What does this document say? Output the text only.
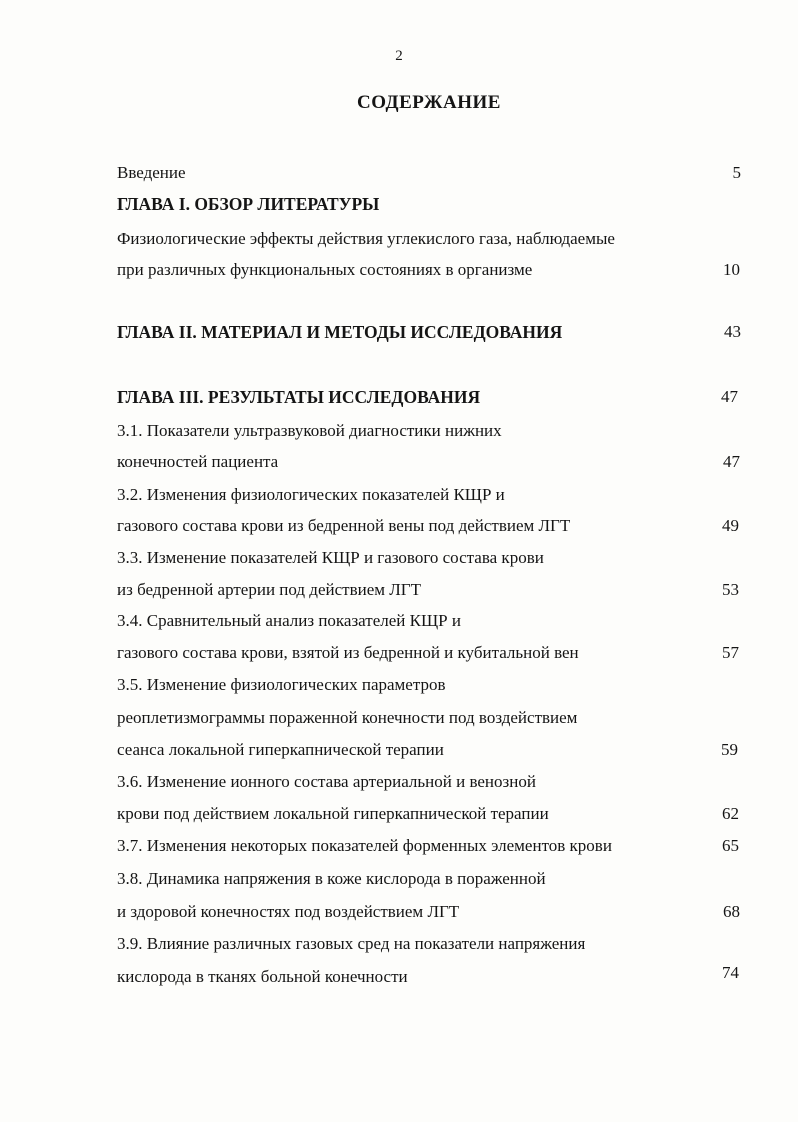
2
СОДЕРЖАНИЕ
Введение	5
ГЛАВА I. ОБЗОР ЛИТЕРАТУРЫ
Физиологические эффекты действия углекислого газа, наблюдаемые
при различных функциональных состояниях в организме	10
ГЛАВА II. МАТЕРИАЛ И МЕТОДЫ ИССЛЕДОВАНИЯ	43
ГЛАВА III. РЕЗУЛЬТАТЫ ИССЛЕДОВАНИЯ	47
3.1. Показатели ультразвуковой диагностики нижних
конечностей пациента	47
3.2. Изменения физиологических показателей КЩР и
газового состава крови из бедренной вены под действием ЛГТ	49
3.3. Изменение показателей КЩР и газового состава крови
из бедренной артерии под действием ЛГТ	53
3.4. Сравнительный анализ показателей КЩР и
газового состава крови, взятой из бедренной и кубитальной вен	57
3.5. Изменение физиологических параметров
реоплетизмограммы пораженной конечности под воздействием
сеанса локальной гиперкапнической терапии	59
3.6. Изменение ионного состава артериальной и венозной
крови под действием локальной гиперкапнической терапии	62
3.7. Изменения некоторых показателей форменных элементов крови	65
3.8. Динамика напряжения в коже кислорода в пораженной
и здоровой конечностях под воздействием ЛГТ	68
3.9. Влияние различных газовых сред на показатели напряжения
кислорода в тканях больной конечности	74
